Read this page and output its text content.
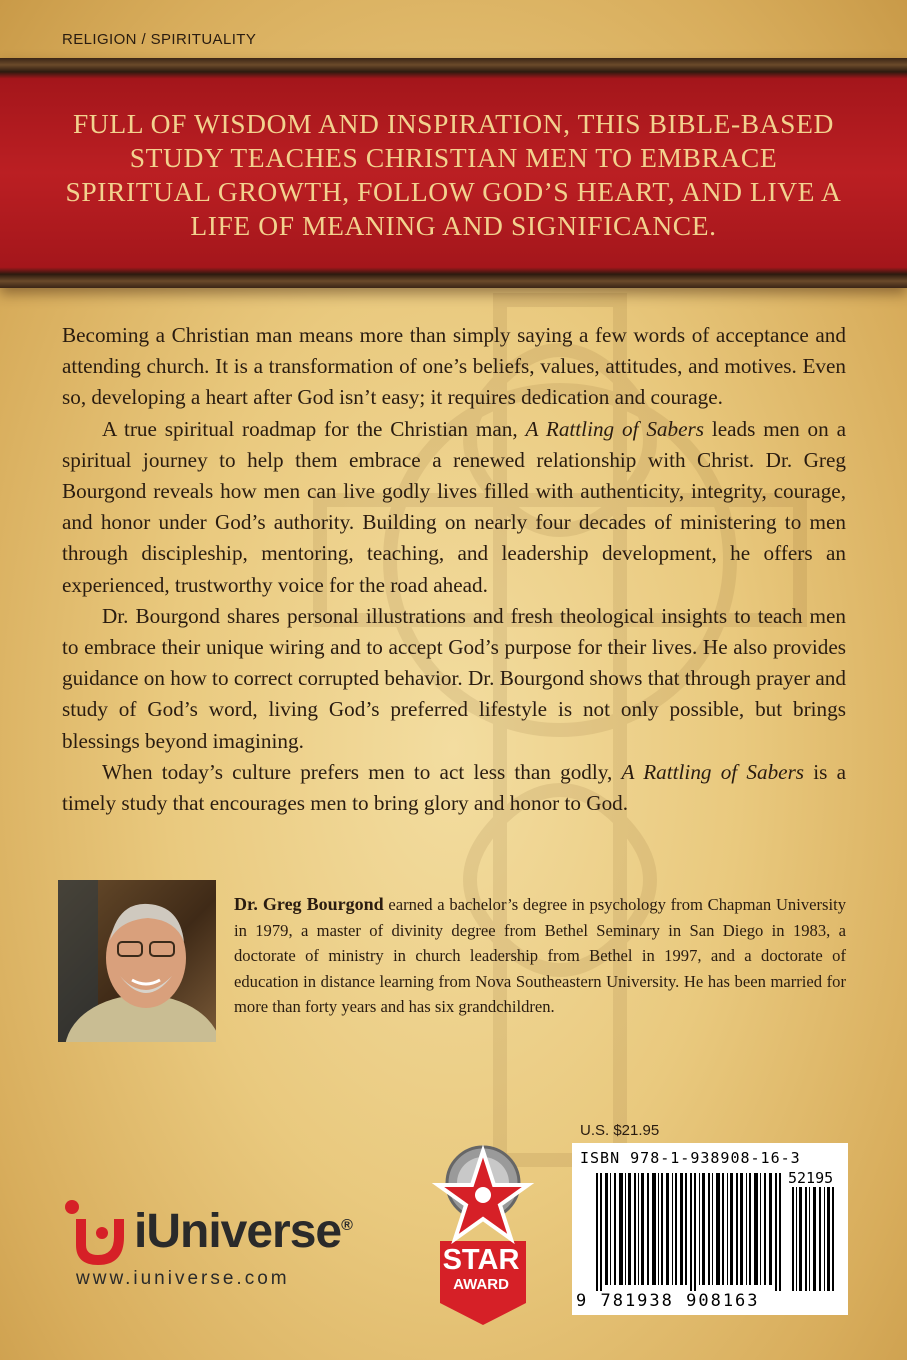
RELIGION / SPIRITUALITY
FULL OF WISDOM AND INSPIRATION, THIS BIBLE-BASED STUDY TEACHES CHRISTIAN MEN TO EMBRACE SPIRITUAL GROWTH, FOLLOW GOD’S HEART, AND LIVE A LIFE OF MEANING AND SIGNIFICANCE.

Becoming a Christian man means more than simply saying a few words of acceptance and attending church. It is a transformation of one’s beliefs, values, attitudes, and motives. Even so, developing a heart after God isn’t easy; it requires dedication and courage.

A true spiritual roadmap for the Christian man, A Rattling of Sabers leads men on a spiritual journey to help them embrace a renewed relationship with Christ. Dr. Greg Bourgond reveals how men can live godly lives filled with authenticity, integrity, courage, and honor under God’s authority. Building on nearly four decades of ministering to men through discipleship, mentoring, teaching, and leadership development, he offers an experienced, trustworthy voice for the road ahead.

Dr. Bourgond shares personal illustrations and fresh theological insights to teach men to embrace their unique wiring and to accept God’s purpose for their lives. He also provides guidance on how to correct corrupted behavior. Dr. Bourgond shows that through prayer and study of God’s word, living God’s preferred lifestyle is not only possible, but brings blessings beyond imagining.

When today’s culture prefers men to act less than godly, A Rattling of Sabers is a timely study that encourages men to bring glory and honor to God.

Dr. Greg Bourgond earned a bachelor’s degree in psychology from Chapman University in 1979, a master of divinity degree from Bethel Seminary in San Diego in 1983, a doctorate of ministry in church leadership from Bethel in 1997, and a doctorate of education in distance learning from Nova Southeastern University. He has been married for more than forty years and has six grandchildren.
iUniverse®
www.iuniverse.com
STAR
AWARD
U.S. $21.95
ISBN 978-1-938908-16-3
52195
9 781938 908163
